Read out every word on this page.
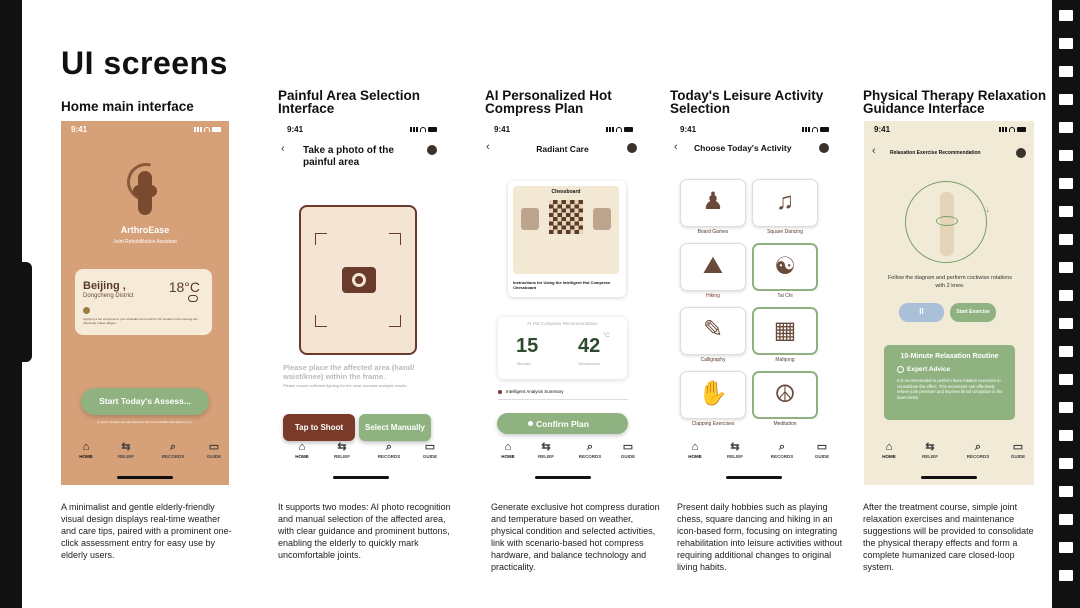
UI screens
Home main interface
Painful Area Selection Interface
AI Personalized Hot Compress Plan
Today's Leisure Activity Selection
Physical Therapy Relaxation Guidance Interface
9:41
ArthroEase
Joint Rehabilitation Assistant
Beijing ,
Dongcheng District
18°C
Applying a hot compress to your shoulders and neck for 15 minutes in the evening can effectively relieve fatigue.
Start Today's Assess...
In just 2 minutes, we will customize the most suitable relief plan for you.
⌂
HOME
⇆
RELIEF
⌕
RECORDS
▭
GUIDE
9:41
‹ Take a photo of the painful area
Please place the affected area (hand/ waist/knee) within the frame.
Please ensure sufficient lighting for the most accurate analysis results.
Tap to Shoot	Select Manually
⌂
HOME
⇆
RELIEF
⌕
RECORDS
▭
GUIDE
9:41
‹	Radiant Care
Chessboard
Instructions for Using the Intelligent Hot Compress Chessboard
AI Hot Compress Recommendation
15
Minutes
42 °C
Temperature
Intelligent Analysis Summary
Confirm Plan
⌂
HOME
⇆
RELIEF
⌕
RECORDS
▭
GUIDE
9:41
‹ Choose Today's Activity
♟
Board Games
♫
Square Dancing
⛰
Hiking
☯
Tai Chi
✎
Calligraphy
▦
Mahjong
✋
Clapping Exercises
☮
Meditation
⌂
HOME
⇆
RELIEF
⌕
RECORDS
▭
GUIDE
9:41
‹	Relaxation Exercise Recommendation
↓
Follow the diagram and perform cockwise rotations with 2 knee.
II	Start Exercise
10-Minute Relaxation Routine
Expert Advice
It is recommended to perform knee rotation exercises to consolidate the effect. This movement can effectively relieve joint pressure and improve blood circulation in the lower limbs.
⌂
HOME
⇆
RELIEF
⌕
RECORDS
▭
GUIDE
A minimalist and gentle elderly-friendly visual design displays real-time weather and care tips, paired with a prominent one-click assessment entry for easy use by elderly users.
It supports two modes: AI photo recognition and manual selection of the affected area, with clear guidance and prominent buttons, enabling the elderly to quickly mark uncomfortable joints.
Generate exclusive hot compress duration and temperature based on weather, physical condition and selected activities, link with scenario-based hot compress hardware, and balance technology and practicality.
Present daily hobbies such as playing chess, square dancing and hiking in an icon-based form, focusing on integrating rehabilitation into leisure activities without requiring additional changes to original living habits.
After the treatment course, simple joint relaxation exercises and maintenance suggestions will be provided to consolidate the physical therapy effects and form a complete humanized care closed-loop system.
